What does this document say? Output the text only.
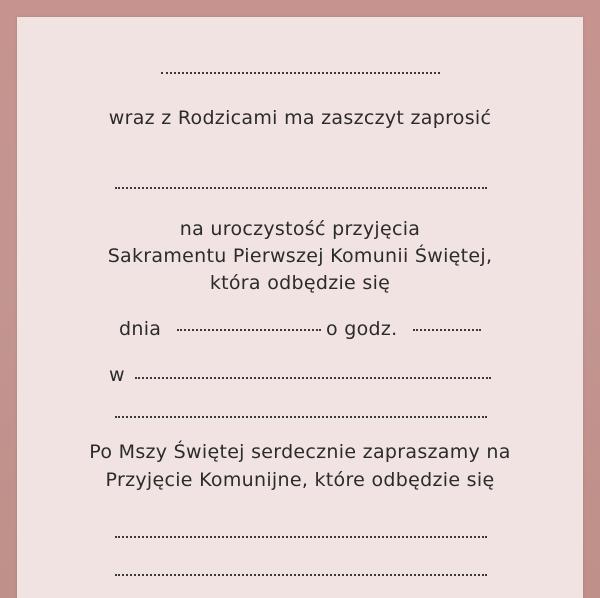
wraz z Rodzicami ma zaszczyt zaprosić
na uroczystość przyjęcia
Sakramentu Pierwszej Komunii Świętej,
która odbędzie się
dnia	o godz.
w
Po Mszy Świętej serdecznie zapraszamy na
Przyjęcie Komunijne, które odbędzie się
